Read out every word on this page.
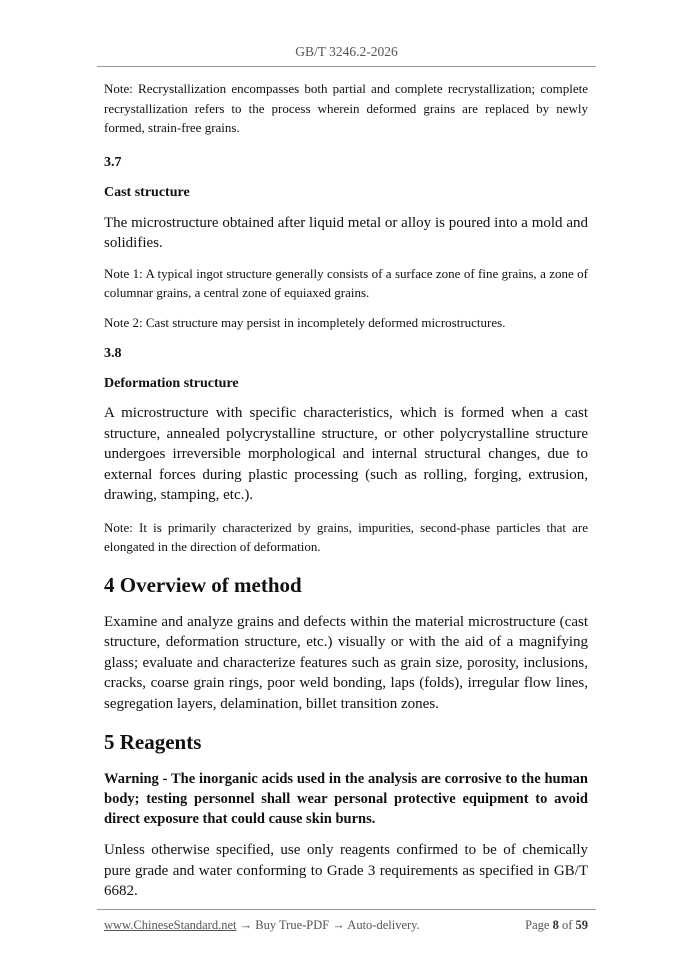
GB/T 3246.2-2026

Note: Recrystallization encompasses both partial and complete recrystallization; complete recrystallization refers to the process wherein deformed grains are replaced by newly formed, strain-free grains.

3.7

Cast structure

The microstructure obtained after liquid metal or alloy is poured into a mold and solidifies.

Note 1: A typical ingot structure generally consists of a surface zone of fine grains, a zone of columnar grains, a central zone of equiaxed grains.

Note 2: Cast structure may persist in incompletely deformed microstructures.

3.8

Deformation structure

A microstructure with specific characteristics, which is formed when a cast structure, annealed polycrystalline structure, or other polycrystalline structure undergoes irreversible morphological and internal structural changes, due to external forces during plastic processing (such as rolling, forging, extrusion, drawing, stamping, etc.).

Note: It is primarily characterized by grains, impurities, second-phase particles that are elongated in the direction of deformation.

4 Overview of method

Examine and analyze grains and defects within the material microstructure (cast structure, deformation structure, etc.) visually or with the aid of a magnifying glass; evaluate and characterize features such as grain size, porosity, inclusions, cracks, coarse grain rings, poor weld bonding, laps (folds), irregular flow lines, segregation layers, delamination, billet transition zones.

5 Reagents

Warning - The inorganic acids used in the analysis are corrosive to the human body; testing personnel shall wear personal protective equipment to avoid direct exposure that could cause skin burns.

Unless otherwise specified, use only reagents confirmed to be of chemically pure grade and water conforming to Grade 3 requirements as specified in GB/T 6682.

www.ChineseStandard.net → Buy True-PDF → Auto-delivery.	Page 8 of 59
